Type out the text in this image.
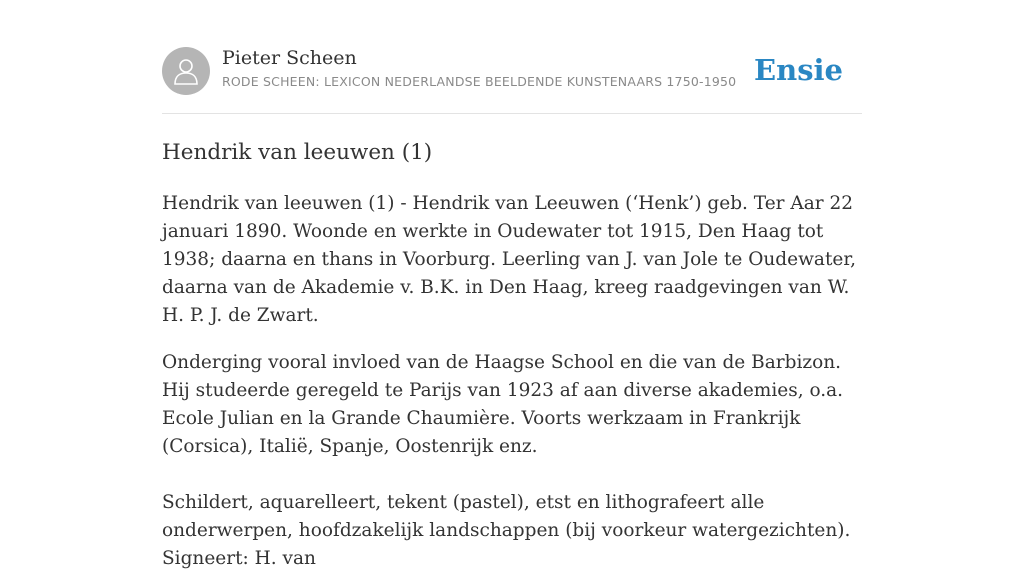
Pieter Scheen
RODE SCHEEN: LEXICON NEDERLANDSE BEELDENDE KUNSTENAARS 1750-1950 Ensie
Hendrik van leeuwen (1)

Hendrik van leeuwen (1) - Hendrik van Leeuwen (‘Henk’) geb. Ter Aar 22 januari 1890. Woonde en werkte in Oudewater tot 1915, Den Haag tot 1938; daarna en thans in Voorburg. Leerling van J. van Jole te Oudewater, daarna van de Akademie v. B.K. in Den Haag, kreeg raadgevingen van W. H. P. J. de Zwart.

Onderging vooral invloed van de Haagse School en die van de Barbizon. Hij studeerde geregeld te Parijs van 1923 af aan diverse akademies, o.a. Ecole Julian en la Grande Chaumière. Voorts werkzaam in Frankrijk (Corsica), Italië, Spanje, Oostenrijk enz.

Schildert, aquarelleert, tekent (pastel), etst en lithografeert alle onderwerpen, hoofdzakelijk landschappen (bij voorkeur watergezichten). Signeert: H. van
